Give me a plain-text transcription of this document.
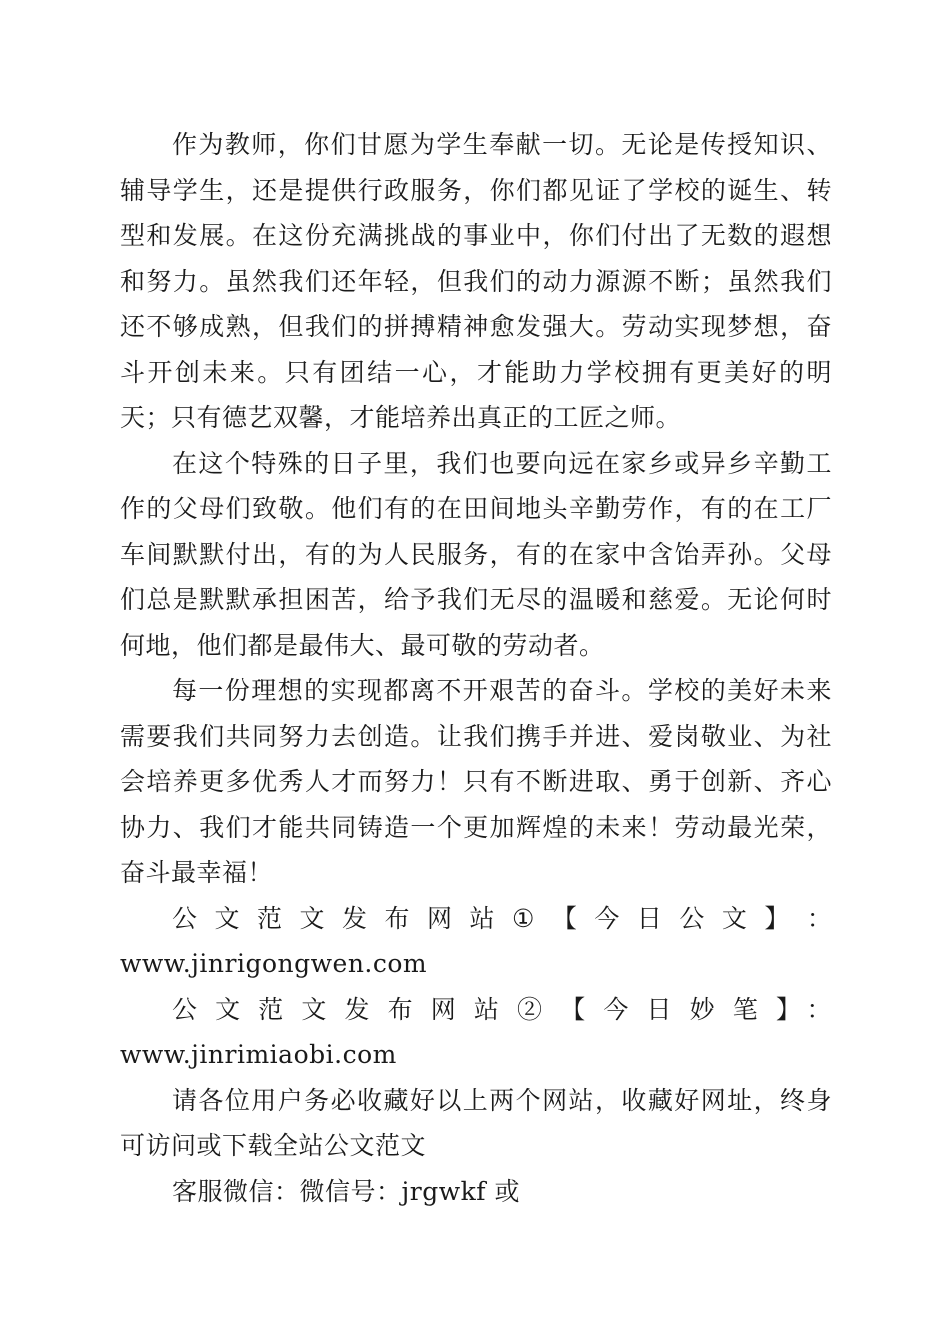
作为教师，你们甘愿为学生奉献一切。无论是传授知识、辅导学生，还是提供行政服务，你们都见证了学校的诞生、转型和发展。在这份充满挑战的事业中，你们付出了无数的遐想和努力。虽然我们还年轻，但我们的动力源源不断；虽然我们还不够成熟，但我们的拼搏精神愈发强大。劳动实现梦想，奋斗开创未来。只有团结一心，才能助力学校拥有更美好的明天；只有德艺双馨，才能培养出真正的工匠之师。

在这个特殊的日子里，我们也要向远在家乡或异乡辛勤工作的父母们致敬。他们有的在田间地头辛勤劳作，有的在工厂车间默默付出，有的为人民服务，有的在家中含饴弄孙。父母们总是默默承担困苦，给予我们无尽的温暖和慈爱。无论何时何地，他们都是最伟大、最可敬的劳动者。

每一份理想的实现都离不开艰苦的奋斗。学校的美好未来需要我们共同努力去创造。让我们携手并进、爱岗敬业、为社会培养更多优秀人才而努力！只有不断进取、勇于创新、齐心协力、我们才能共同铸造一个更加辉煌的未来！劳动最光荣，奋斗最幸福！

公 文 范 文 发 布 网 站 ① 【 今 日 公 文 】 ：

www.jinrigongwen.com

公文范文发布网站②【今日妙笔】：www.jinrimiaobi.com

请各位用户务必收藏好以上两个网站，收藏好网址，终身可访问或下载全站公文范文

客服微信：微信号：jrgwkf 或
